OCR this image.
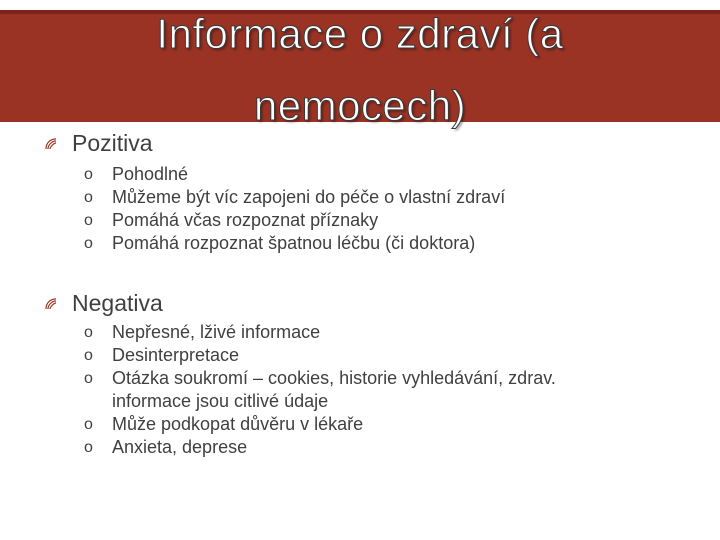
Informace o zdraví (a
nemocech)
Pozitiva
o Pohodlné
o Můžeme být víc zapojeni do péče o vlastní zdraví
o Pomáhá včas rozpoznat příznaky
o Pomáhá rozpoznat špatnou léčbu (či doktora)
Negativa
o Nepřesné, lživé informace
o Desinterpretace
o Otázka soukromí – cookies, historie vyhledávání, zdrav. informace jsou citlivé údaje
o Může podkopat důvěru v lékaře
o Anxieta, deprese
